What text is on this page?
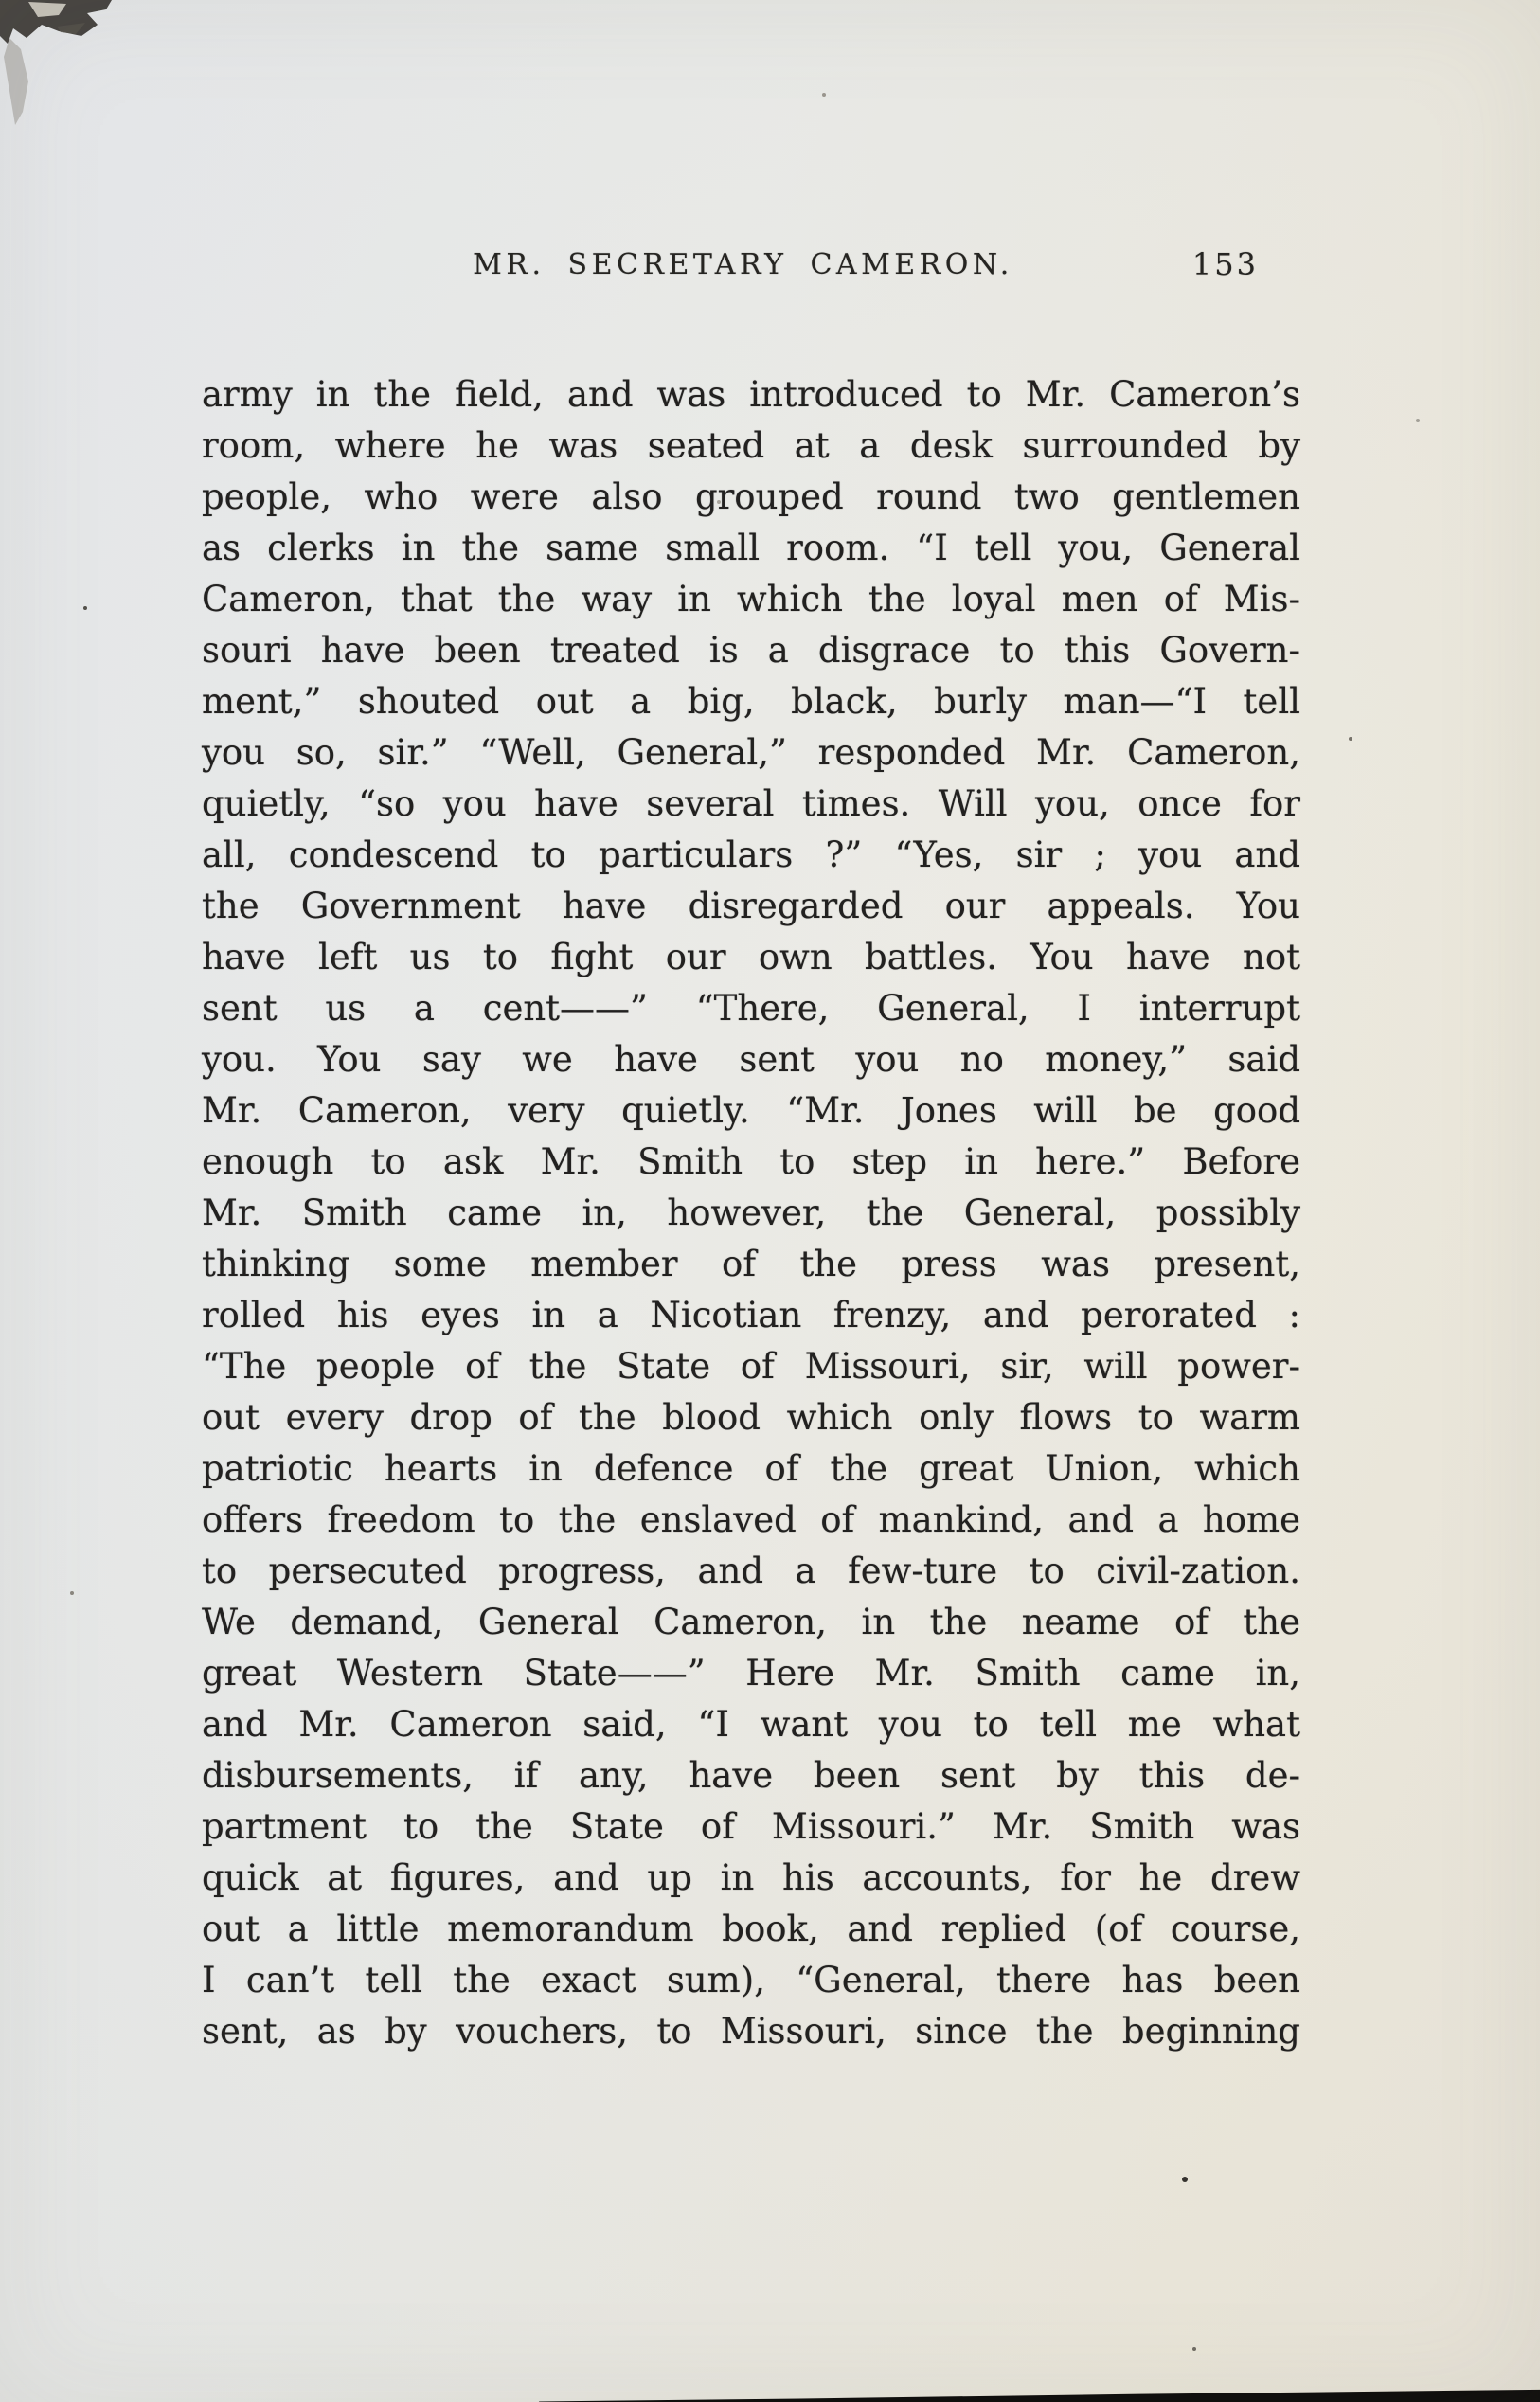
MR. SECRETARY CAMERON.	153
army in the field, and was introduced to Mr. Cameron’s
room, where he was seated at a desk surrounded by
people, who were also grouped round two gentlemen
as clerks in the same small room. “I tell you, General
Cameron, that the way in which the loyal men of Mis-
souri have been treated is a disgrace to this Govern-
ment,” shouted out a big, black, burly man—“I tell
you so, sir.” “Well, General,” responded Mr. Cameron,
quietly, “so you have several times. Will you, once for
all, condescend to particulars ?” “Yes, sir ; you and
the Government have disregarded our appeals. You
have left us to fight our own battles. You have not
sent us a cent——” “There, General, I interrupt
you. You say we have sent you no money,” said
Mr. Cameron, very quietly. “Mr. Jones will be good
enough to ask Mr. Smith to step in here.” Before
Mr. Smith came in, however, the General, possibly
thinking some member of the press was present,
rolled his eyes in a Nicotian frenzy, and perorated :
“The people of the State of Missouri, sir, will power-
out every drop of the blood which only flows to warm
patriotic hearts in defence of the great Union, which
offers freedom to the enslaved of mankind, and a home
to persecuted progress, and a few-ture to civil-zation.
We demand, General Cameron, in the neame of the
great Western State——” Here Mr. Smith came in,
and Mr. Cameron said, “I want you to tell me what
disbursements, if any, have been sent by this de-
partment to the State of Missouri.” Mr. Smith was
quick at figures, and up in his accounts, for he drew
out a little memorandum book, and replied (of course,
I can’t tell the exact sum), “General, there has been
sent, as by vouchers, to Missouri, since the beginning
